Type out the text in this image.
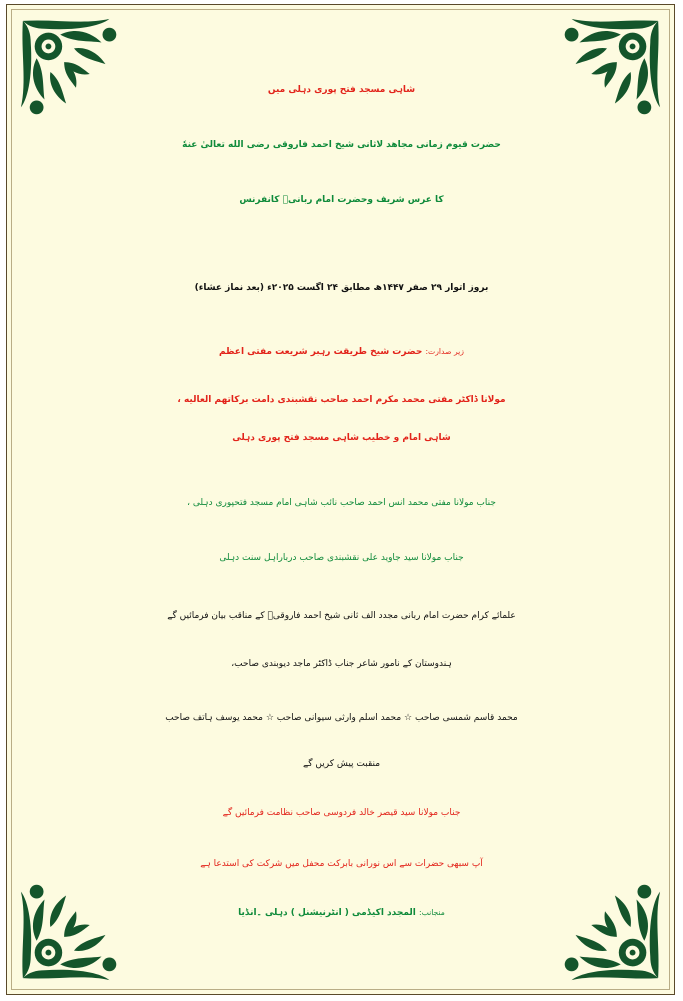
شاہی مسجد فتح پوری دہلی میں
حضرت قیوم زمانی مجاهد لاثانی شیخ احمد فاروقی رضی الله تعالیٰ عنهٗ
کا عرس شریف وحضرت امام ربانیؒ کانفرنس
بروز اتوار ۲۹ صفر ۱۴۴۷ھ مطابق ۲۴ اگست ۲۰۲۵ء (بعد نماز عشاء)
زیر صدارت: حضرت شیخ طریقت رہبر شریعت مفتی اعظم
مولانا ڈاکٹر مفتی محمد مکرم احمد صاحب نقشبندی دامت برکاتهم العالیه ،
شاہی امام و خطیب شاہی مسجد فتح پوری دہلی
جناب مولانا مفتی محمد انس احمد صاحب نائب شاہی امام مسجد فتحپوری دہلی ،
جناب مولانا سید جاوید علی نقشبندی صاحب درباراہل سنت دہلی
علمائے کرام حضرت امام ربانی مجدد الف ثانی شیخ احمد فاروقیؒ کے مناقب بیان فرمائیں گے
ہندوستان کے نامور شاعر جناب ڈاکٹر ماجد دیوبندی صاحب،
محمد قاسم شمسی صاحب ☆ محمد اسلم وارثی سیوانی صاحب ☆ محمد یوسف ہاتف صاحب
منقبت پیش کریں گے
جناب مولانا سید قیصر خالد فردوسی صاحب نظامت فرمائیں گے
آپ سبھی حضرات سے اس نورانی بابرکت محفل میں شرکت کی استدعا ہے
منجانب: المجدد اکیڈمی ( انٹرنیشنل ) دہلی ۔انڈیا
